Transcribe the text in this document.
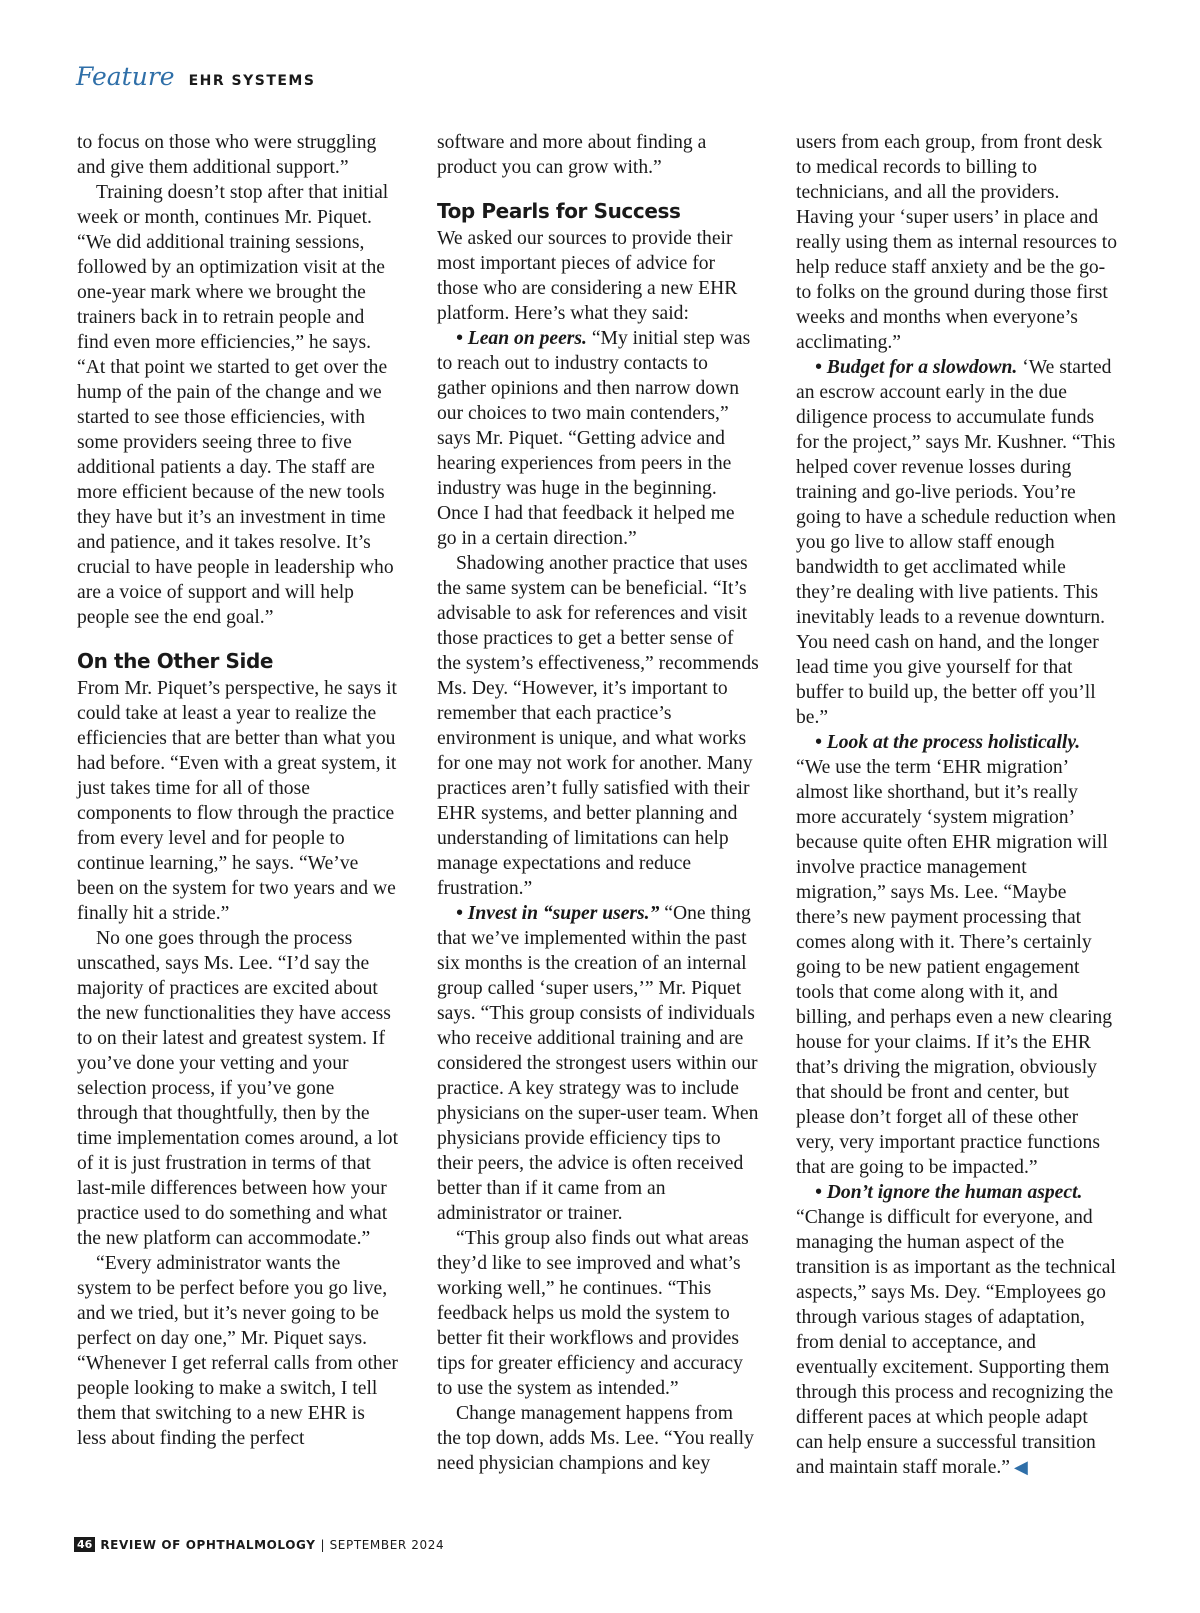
Feature EHR SYSTEMS

to focus on those who were struggling and give them additional support.”

Training doesn’t stop after that initial week or month, continues Mr. Piquet. “We did additional training sessions, followed by an optimization visit at the one-year mark where we brought the trainers back in to retrain people and find even more efficiencies,” he says. “At that point we started to get over the hump of the pain of the change and we started to see those efficiencies, with some providers seeing three to five additional patients a day. The staff are more efficient because of the new tools they have but it’s an investment in time and patience, and it takes resolve. It’s crucial to have people in leadership who are a voice of support and will help people see the end goal.”

On the Other Side

From Mr. Piquet’s perspective, he says it could take at least a year to realize the efficiencies that are better than what you had before. “Even with a great system, it just takes time for all of those components to flow through the practice from every level and for people to continue learning,” he says. “We’ve been on the system for two years and we finally hit a stride.”

No one goes through the process unscathed, says Ms. Lee. “I’d say the majority of practices are excited about the new functionalities they have access to on their latest and greatest system. If you’ve done your vetting and your selection process, if you’ve gone through that thoughtfully, then by the time implementation comes around, a lot of it is just frustration in terms of that last-mile differences between how your practice used to do something and what the new platform can accommodate.”

“Every administrator wants the system to be perfect before you go live, and we tried, but it’s never going to be perfect on day one,” Mr. Piquet says. “Whenever I get referral calls from other people looking to make a switch, I tell them that switching to a new EHR is less about finding the perfect

software and more about finding a product you can grow with.”

Top Pearls for Success

We asked our sources to provide their most important pieces of advice for those who are considering a new EHR platform. Here’s what they said:

• Lean on peers. “My initial step was to reach out to industry contacts to gather opinions and then narrow down our choices to two main contenders,” says Mr. Piquet. “Getting advice and hearing experiences from peers in the industry was huge in the beginning. Once I had that feedback it helped me go in a certain direction.”

Shadowing another practice that uses the same system can be beneficial. “It’s advisable to ask for references and visit those practices to get a better sense of the system’s effectiveness,” recommends Ms. Dey. “However, it’s important to remember that each practice’s environment is unique, and what works for one may not work for another. Many practices aren’t fully satisfied with their EHR systems, and better planning and understanding of limitations can help manage expectations and reduce frustration.”

• Invest in “super users.” “One thing that we’ve implemented within the past six months is the creation of an internal group called ‘super users,’” Mr. Piquet says. “This group consists of individuals who receive additional training and are considered the strongest users within our practice. A key strategy was to include physicians on the super-user team. When physicians provide efficiency tips to their peers, the advice is often received better than if it came from an administrator or trainer.

“This group also finds out what areas they’d like to see improved and what’s working well,” he continues. “This feedback helps us mold the system to better fit their workflows and provides tips for greater efficiency and accuracy to use the system as intended.”

Change management happens from the top down, adds Ms. Lee. “You really need physician champions and key

users from each group, from front desk to medical records to billing to technicians, and all the providers. Having your ‘super users’ in place and really using them as internal resources to help reduce staff anxiety and be the go-to folks on the ground during those first weeks and months when everyone’s acclimating.”

• Budget for a slowdown. ‘We started an escrow account early in the due diligence process to accumulate funds for the project,” says Mr. Kushner. “This helped cover revenue losses during training and go-live periods. You’re going to have a schedule reduction when you go live to allow staff enough bandwidth to get acclimated while they’re dealing with live patients. This inevitably leads to a revenue downturn. You need cash on hand, and the longer lead time you give yourself for that buffer to build up, the better off you’ll be.”

• Look at the process holistically. “We use the term ‘EHR migration’ almost like shorthand, but it’s really more accurately ‘system migration’ because quite often EHR migration will involve practice management migration,” says Ms. Lee. “Maybe there’s new payment processing that comes along with it. There’s certainly going to be new patient engagement tools that come along with it, and billing, and perhaps even a new clearing house for your claims. If it’s the EHR that’s driving the migration, obviously that should be front and center, but please don’t forget all of these other very, very important practice functions that are going to be impacted.”

• Don’t ignore the human aspect. “Change is difficult for everyone, and managing the human aspect of the transition is as important as the technical aspects,” says Ms. Dey. “Employees go through various stages of adaptation, from denial to acceptance, and eventually excitement. Supporting them through this process and recognizing the different paces at which people adapt can help ensure a successful transition and maintain staff morale.” ◀

46 REVIEW OF OPHTHALMOLOGY | SEPTEMBER 2024
